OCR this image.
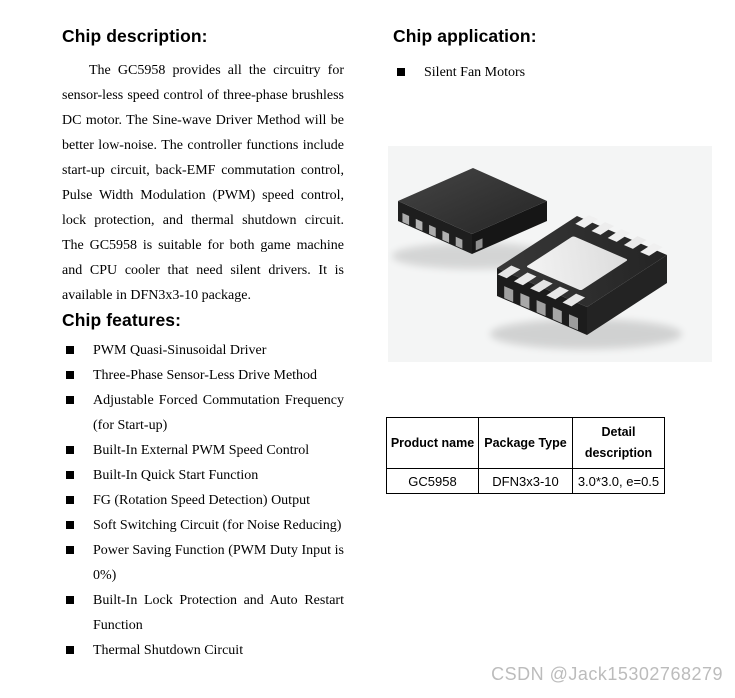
Chip description:

The GC5958 provides all the circuitry for sensor-less speed control of three-phase brushless DC motor. The Sine-wave Driver Method will be better low-noise. The controller functions include start-up circuit, back-EMF commutation control, Pulse Width Modulation (PWM) speed control, lock protection, and thermal shutdown circuit. The GC5958 is suitable for both game machine and CPU cooler that need silent drivers. It is available in DFN3x3-10 package.

Chip features:
PWM Quasi-Sinusoidal Driver
Three-Phase Sensor-Less Drive Method
Adjustable Forced Commutation Frequency (for Start-up)
Built-In External PWM Speed Control
Built-In Quick Start Function
FG (Rotation Speed Detection) Output
Soft Switching Circuit (for Noise Reducing)
Power Saving Function (PWM Duty Input is 0%)
Built-In Lock Protection and Auto Restart Function
Thermal Shutdown Circuit
Chip application:
Silent Fan Motors
Product name	Package Type	Detail description
GC5958	DFN3x3-10	3.0*3.0, e=0.5
CSDN @Jack15302768279
